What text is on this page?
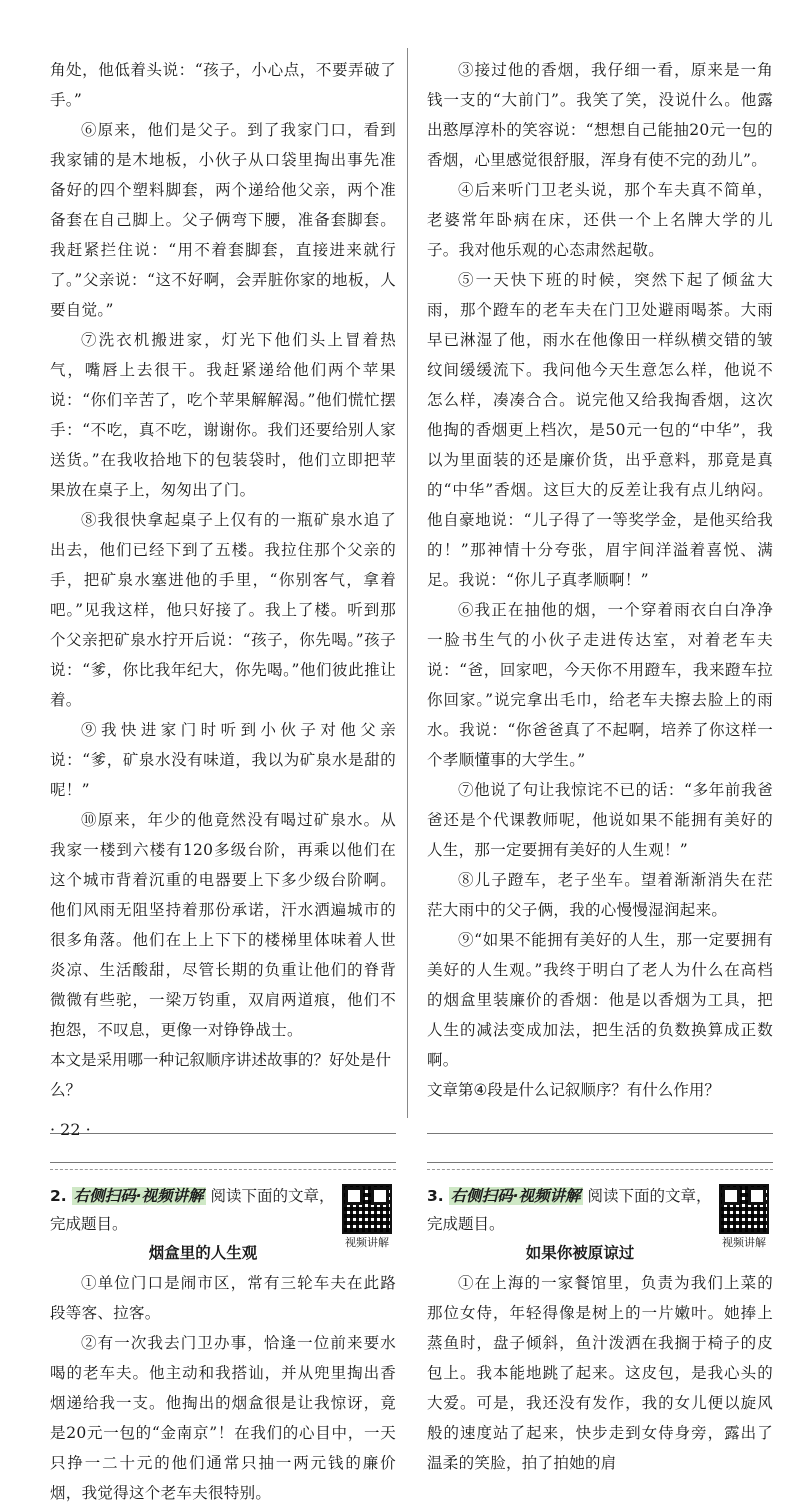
角处，他低着头说：“孩子，小心点，不要弄破了手。”

⑥原来，他们是父子。到了我家门口，看到我家铺的是木地板，小伙子从口袋里掏出事先准备好的四个塑料脚套，两个递给他父亲，两个准备套在自己脚上。父子俩弯下腰，准备套脚套。我赶紧拦住说：“用不着套脚套，直接进来就行了。”父亲说：“这不好啊，会弄脏你家的地板，人要自觉。”

⑦洗衣机搬进家，灯光下他们头上冒着热气，嘴唇上去很干。我赶紧递给他们两个苹果说：“你们辛苦了，吃个苹果解解渴。”他们慌忙摆手：“不吃，真不吃，谢谢你。我们还要给别人家送货。”在我收拾地下的包装袋时，他们立即把苹果放在桌子上，匆匆出了门。

⑧我很快拿起桌子上仅有的一瓶矿泉水追了出去，他们已经下到了五楼。我拉住那个父亲的手，把矿泉水塞进他的手里，“你别客气，拿着吧。”见我这样，他只好接了。我上了楼。听到那个父亲把矿泉水拧开后说：“孩子，你先喝。”孩子说：“爹，你比我年纪大，你先喝。”他们彼此推让着。

⑨我快进家门时听到小伙子对他父亲说：“爹，矿泉水没有味道，我以为矿泉水是甜的呢！”

⑩原来，年少的他竟然没有喝过矿泉水。从我家一楼到六楼有120多级台阶，再乘以他们在这个城市背着沉重的电器要上下多少级台阶啊。他们风雨无阻坚持着那份承诺，汗水洒遍城市的很多角落。他们在上上下下的楼梯里体味着人世炎凉、生活酸甜，尽管长期的负重让他们的脊背微微有些驼，一梁万钧重，双肩两道痕，他们不抱怨，不叹息，更像一对铮铮战士。

本文是采用哪一种记叙顺序讲述故事的？好处是什么？

2. 右侧扫码·视频讲解 阅读下面的文章，完成题目。
视频讲解
烟盒里的人生观

①单位门口是闹市区，常有三轮车夫在此路段等客、拉客。

②有一次我去门卫办事，恰逢一位前来要水喝的老车夫。他主动和我搭讪，并从兜里掏出香烟递给我一支。他掏出的烟盒很是让我惊讶，竟是20元一包的“金南京”！在我们的心目中，一天只挣一二十元的他们通常只抽一两元钱的廉价烟，我觉得这个老车夫很特别。

③接过他的香烟，我仔细一看，原来是一角钱一支的“大前门”。我笑了笑，没说什么。他露出憨厚淳朴的笑容说：“想想自己能抽20元一包的香烟，心里感觉很舒服，浑身有使不完的劲儿”。

④后来听门卫老头说，那个车夫真不简单，老婆常年卧病在床，还供一个上名牌大学的儿子。我对他乐观的心态肃然起敬。

⑤一天快下班的时候，突然下起了倾盆大雨，那个蹬车的老车夫在门卫处避雨喝茶。大雨早已淋湿了他，雨水在他像田一样纵横交错的皱纹间缓缓流下。我问他今天生意怎么样，他说不怎么样，凑凑合合。说完他又给我掏香烟，这次他掏的香烟更上档次，是50元一包的“中华”，我以为里面装的还是廉价货，出乎意料，那竟是真的“中华”香烟。这巨大的反差让我有点儿纳闷。他自豪地说：“儿子得了一等奖学金，是他买给我的！”那神情十分夸张，眉宇间洋溢着喜悦、满足。我说：“你儿子真孝顺啊！”

⑥我正在抽他的烟，一个穿着雨衣白白净净一脸书生气的小伙子走进传达室，对着老车夫说：“爸，回家吧，今天你不用蹬车，我来蹬车拉你回家。”说完拿出毛巾，给老车夫擦去脸上的雨水。我说：“你爸爸真了不起啊，培养了你这样一个孝顺懂事的大学生。”

⑦他说了句让我惊诧不已的话：“多年前我爸爸还是个代课教师呢，他说如果不能拥有美好的人生，那一定要拥有美好的人生观！”

⑧儿子蹬车，老子坐车。望着渐渐消失在茫茫大雨中的父子俩，我的心慢慢湿润起来。

⑨“如果不能拥有美好的人生，那一定要拥有美好的人生观。”我终于明白了老人为什么在高档的烟盒里装廉价的香烟：他是以香烟为工具，把人生的减法变成加法，把生活的负数换算成正数啊。

文章第④段是什么记叙顺序？有什么作用？

3. 右侧扫码·视频讲解 阅读下面的文章，完成题目。
视频讲解
如果你被原谅过

①在上海的一家餐馆里，负责为我们上菜的那位女侍，年轻得像是树上的一片嫩叶。她捧上蒸鱼时，盘子倾斜，鱼汁泼洒在我搁于椅子的皮包上。我本能地跳了起来。这皮包，是我心头的大爱。可是，我还没有发作，我的女儿便以旋风般的速度站了起来，快步走到女侍身旁，露出了温柔的笑脸，拍了拍她的肩

· 22 ·
